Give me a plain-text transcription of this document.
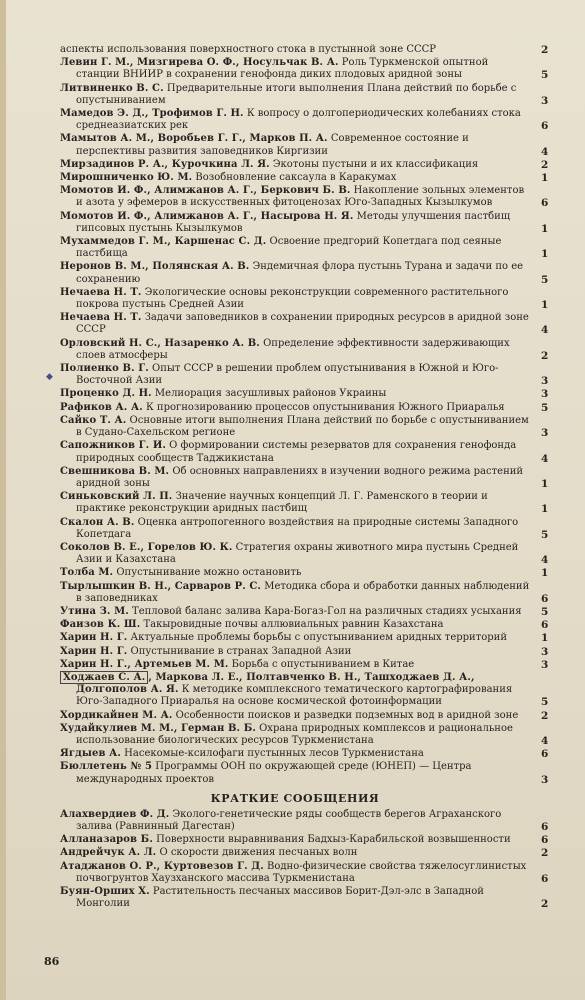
◆
аспекты использования поверхностного стока в пустынной зоне СССР	2
Левин Г. М., Мизгирева О. Ф., Носульчак В. А. Роль Туркменской опытной станции ВНИИР в сохранении генофонда диких плодовых аридной зоны	5
Литвиненко В. С. Предварительные итоги выполнения Плана действий по борьбе с опустыниванием	3
Мамедов Э. Д., Трофимов Г. Н. К вопросу о долгопериодических колебаниях стока среднеазиатских рек	6
Мамытов А. М., Воробьев Г. Г., Марков П. А. Современное состояние и перспективы развития заповедников Киргизии	4
Мирзадинов Р. А., Курочкина Л. Я. Экотоны пустыни и их классификация	2
Мирошниченко Ю. М. Возобновление саксаула в Каракумах	1
Момотов И. Ф., Алимжанов А. Г., Беркович Б. В. Накопление зольных элементов и азота у эфемеров в искусственных фитоценозах Юго-Западных Кызылкумов	6
Момотов И. Ф., Алимжанов А. Г., Насырова Н. Я. Методы улучшения пастбищ гипсовых пустынь Кызылкумов	1
Мухаммедов Г. М., Каршенас С. Д. Освоение предгорий Копетдага под сеяные пастбища	1
Неронов В. М., Полянская А. В. Эндемичная флора пустынь Турана и задачи по ее сохранению	5
Нечаева Н. Т. Экологические основы реконструкции современного растительного покрова пустынь Средней Азии	1
Нечаева Н. Т. Задачи заповедников в сохранении природных ресурсов в аридной зоне СССР	4
Орловский Н. С., Назаренко А. В. Определение эффективности задерживающих слоев атмосферы	2
Полиенко В. Г. Опыт СССР в решении проблем опустынивания в Южной и Юго-Восточной Азии	3
Проценко Д. Н. Мелиорация засушливых районов Украины	3
Рафиков А. А. К прогнозированию процессов опустынивания Южного Приаралья	5
Сайко Т. А. Основные итоги выполнения Плана действий по борьбе с опустыниванием в Судано-Сахельском регионе	3
Сапожников Г. И. О формировании системы резерватов для сохранения генофонда природных сообществ Таджикистана	4
Свешникова В. М. Об основных направлениях в изучении водного режима растений аридной зоны	1
Синьковский Л. П. Значение научных концепций Л. Г. Раменского в теории и практике реконструкции аридных пастбищ	1
Скалон А. В. Оценка антропогенного воздействия на природные системы Западного Копетдага	5
Соколов В. Е., Горелов Ю. К. Стратегия охраны животного мира пустынь Средней Азии и Казахстана	4
Толба М. Опустынивание можно остановить	1
Тырлышкин В. Н., Сарваров Р. С. Методика сбора и обработки данных наблюдений в заповедниках	6
Утина З. М. Тепловой баланс залива Кара-Богаз-Гол на различных стадиях усыхания 5
Фаизов К. Ш. Такыровидные почвы аллювиальных равнин Казахстана	6
Харин Н. Г. Актуальные проблемы борьбы с опустыниванием аридных территорий	1
Харин Н. Г. Опустынивание в странах Западной Азии	3
Харин Н. Г., Артемьев М. М. Борьба с опустыниванием в Китае	3
Ходжаев С. А. , Маркова Л. Е., Полтавченко В. Н., Ташходжаев Д. А., Долгополов А. Я. К методике комплексного тематического картографирования Юго-Западного Приаралья на основе космической фотоинформации	5
Хордикайнен М. А. Особенности поисков и разведки подземных вод в аридной зоне 2
Худайкулиев М. М., Герман В. Б. Охрана природных комплексов и рациональное использование биологических ресурсов Туркменистана	4
Ягдыев А. Насекомые-ксилофаги пустынных лесов Туркменистана	6
Бюллетень № 5 Программы ООН по окружающей среде (ЮНЕП) — Центра международных проектов	3
КРАТКИЕ СООБЩЕНИЯ
Алахвердиев Ф. Д. Эколого-генетические ряды сообществ берегов Аграханского залива (Равнинный Дагестан)	6
Алланазаров Б. Поверхности выравнивания Бадхыз-Карабильской возвышенности	6
Андрейчук А. Л. О скорости движения песчаных волн	2
Атаджанов О. Р., Куртовезов Г. Д. Водно-физические свойства тяжелосуглинистых почвогрунтов Хаузханского массива Туркменистана	6
Буян-Орших Х. Растительность песчаных массивов Борит-Дэл-элс в Западной Монголии	2
86
